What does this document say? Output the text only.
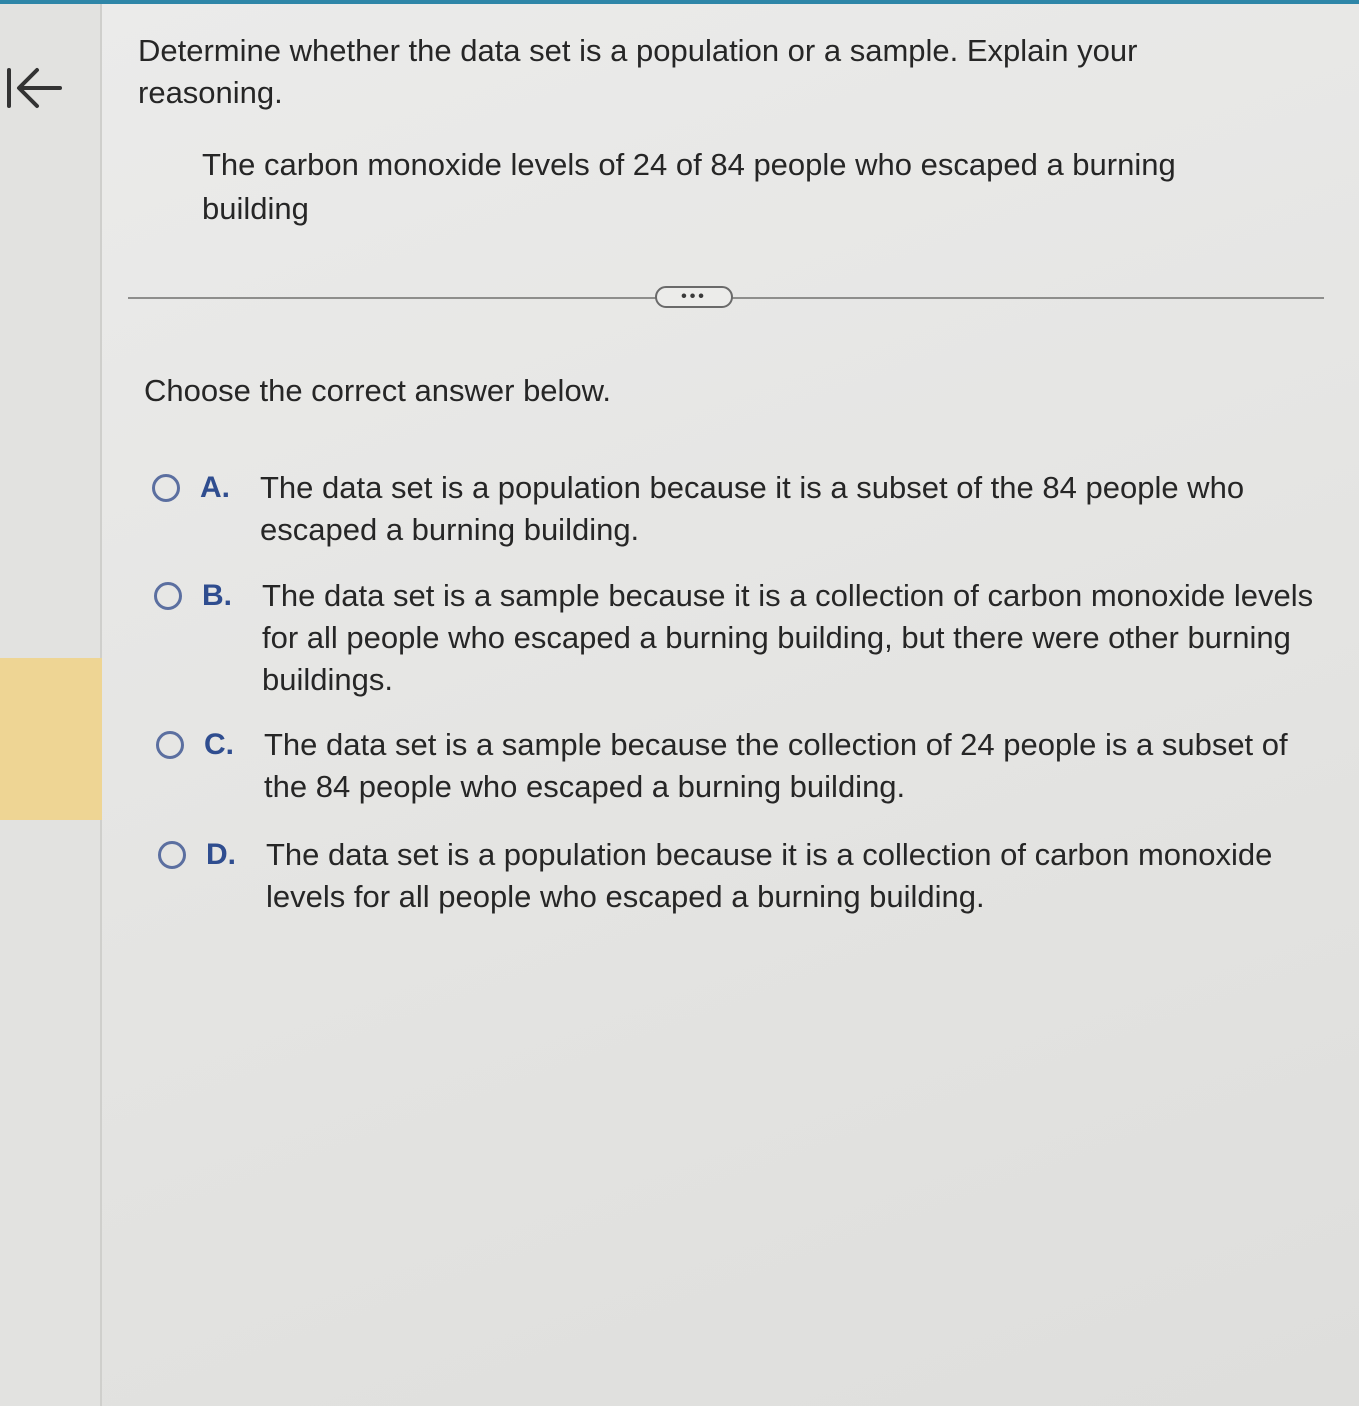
Determine whether the data set is a population or a sample. Explain your reasoning.
The carbon monoxide levels of 24 of 84 people who escaped a burning building
•••
Choose the correct answer below.
A. The data set is a population because it is a subset of the 84 people who escaped a burning building.
B. The data set is a sample because it is a collection of carbon monoxide levels for all people who escaped a burning building, but there were other burning buildings.
C. The data set is a sample because the collection of 24 people is a subset of the 84 people who escaped a burning building.
D. The data set is a population because it is a collection of carbon monoxide levels for all people who escaped a burning building.
